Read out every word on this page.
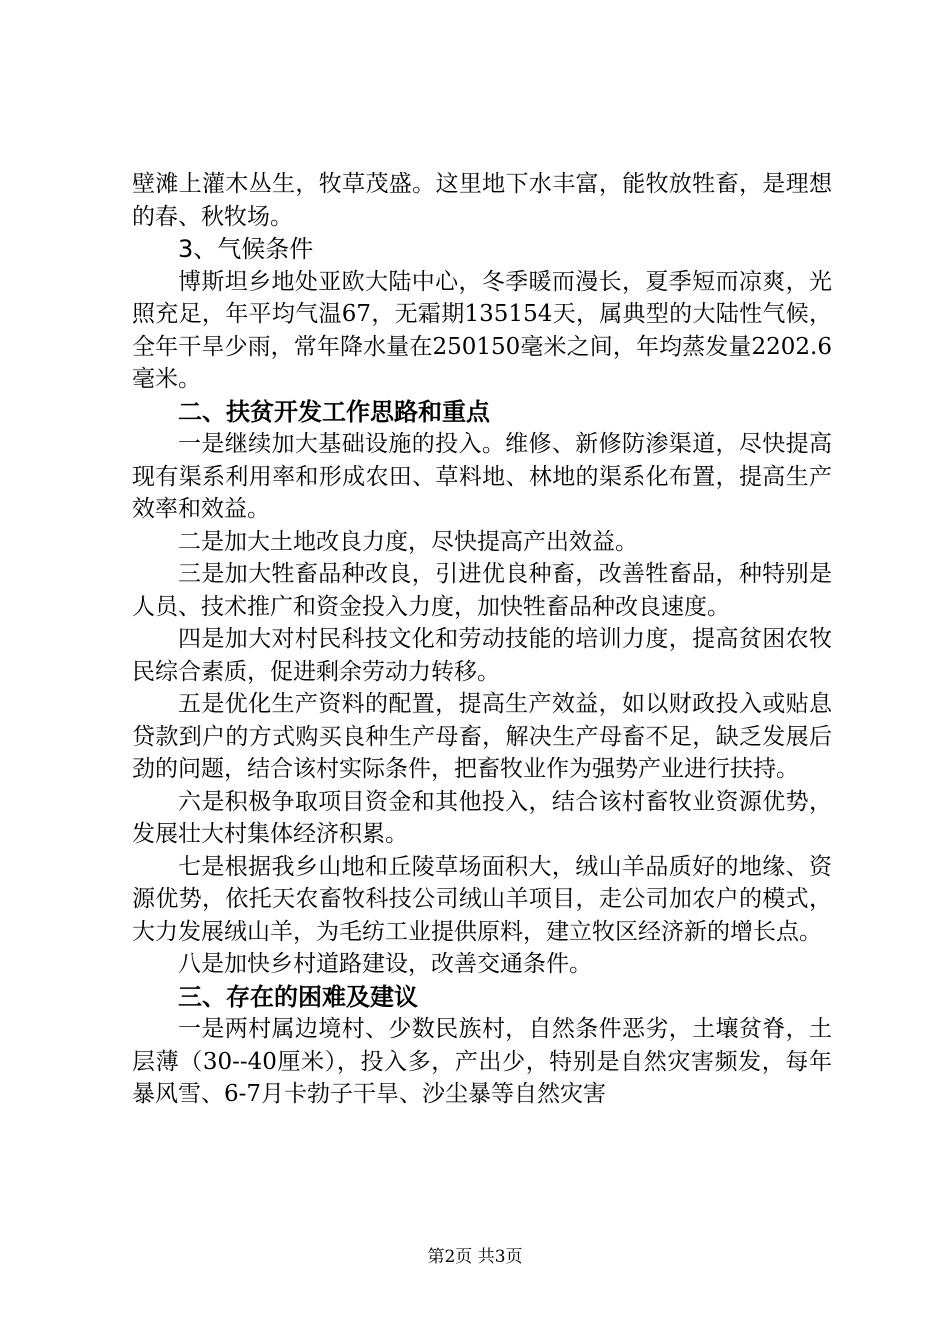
壁滩上灌木丛生，牧草茂盛。这里地下水丰富，能牧放牲畜，是理想的春、秋牧场。

3、气候条件

博斯坦乡地处亚欧大陆中心，冬季暖而漫长，夏季短而凉爽，光照充足，年平均气温67，无霜期135154天，属典型的大陆性气候，全年干旱少雨，常年降水量在250150毫米之间，年均蒸发量2202.6毫米。

二、扶贫开发工作思路和重点

一是继续加大基础设施的投入。维修、新修防渗渠道，尽快提高现有渠系利用率和形成农田、草料地、林地的渠系化布置，提高生产效率和效益。

二是加大土地改良力度，尽快提高产出效益。

三是加大牲畜品种改良，引进优良种畜，改善牲畜品，种特别是人员、技术推广和资金投入力度，加快牲畜品种改良速度。

四是加大对村民科技文化和劳动技能的培训力度，提高贫困农牧民综合素质，促进剩余劳动力转移。

五是优化生产资料的配置，提高生产效益，如以财政投入或贴息贷款到户的方式购买良种生产母畜，解决生产母畜不足，缺乏发展后劲的问题，结合该村实际条件，把畜牧业作为强势产业进行扶持。

六是积极争取项目资金和其他投入，结合该村畜牧业资源优势，发展壮大村集体经济积累。

七是根据我乡山地和丘陵草场面积大，绒山羊品质好的地缘、资源优势，依托天农畜牧科技公司绒山羊项目，走公司加农户的模式，大力发展绒山羊，为毛纺工业提供原料，建立牧区经济新的增长点。

八是加快乡村道路建设，改善交通条件。

三、存在的困难及建议

一是两村属边境村、少数民族村，自然条件恶劣，土壤贫脊，土层薄（30--40厘米），投入多，产出少，特别是自然灾害频发，每年暴风雪、6-7月卡勃子干旱、沙尘暴等自然灾害

第2页 共3页
